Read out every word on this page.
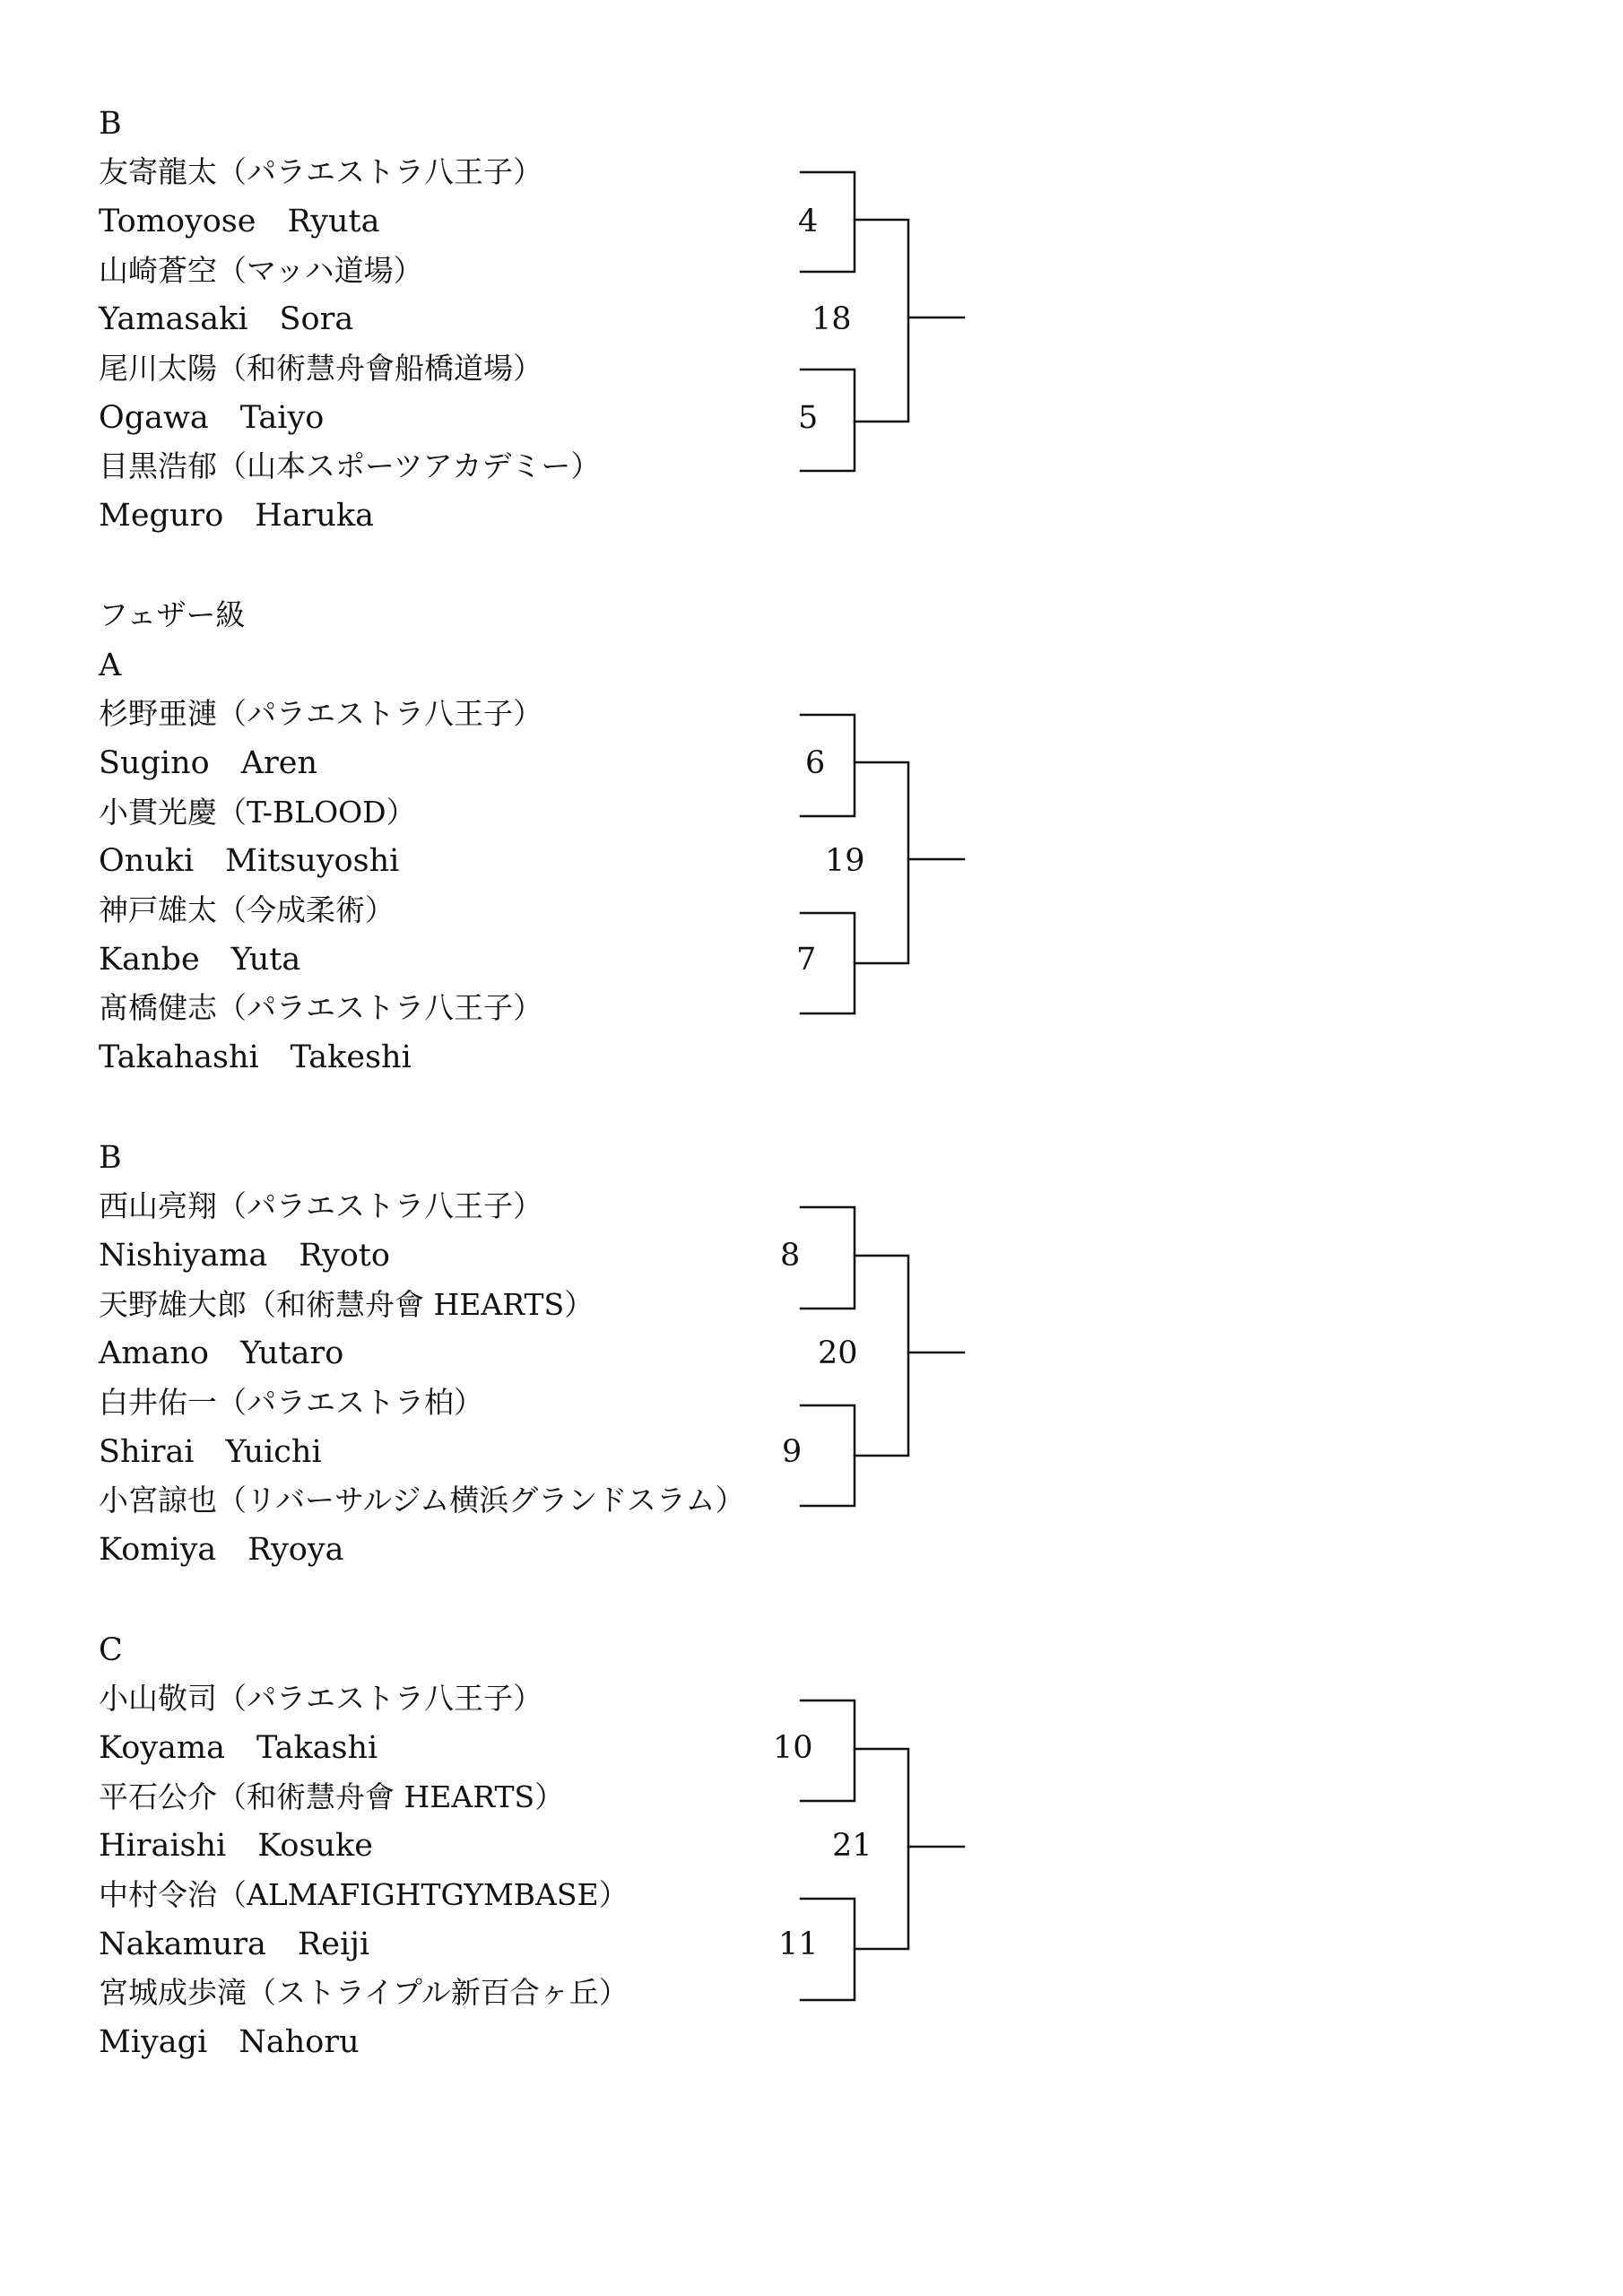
B
友寄龍太（パラエストラ八王子）
Tomoyose　Ryuta
山崎蒼空（マッハ道場）
Yamasaki　Sora
尾川太陽（和術慧舟會船橋道場）
Ogawa　Taiyo
目黒浩郁（山本スポーツアカデミー）
Meguro　Haruka
4
5
18
フェザー級
A
杉野亜漣（パラエストラ八王子）
Sugino　Aren
小貫光慶（T-BLOOD）
Onuki　Mitsuyoshi
神戸雄太（今成柔術）
Kanbe　Yuta
髙橋健志（パラエストラ八王子）
Takahashi　Takeshi
6
7
19
B
西山亮翔（パラエストラ八王子）
Nishiyama　Ryoto
天野雄大郎（和術慧舟會 HEARTS）
Amano　Yutaro
白井佑一（パラエストラ柏）
Shirai　Yuichi
小宮諒也（リバーサルジム横浜グランドスラム）
Komiya　Ryoya
8
9
20
C
小山敬司（パラエストラ八王子）
Koyama　Takashi
平石公介（和術慧舟會 HEARTS）
Hiraishi　Kosuke
中村令治（ALMAFIGHTGYMBASE）
Nakamura　Reiji
宮城成歩滝（ストライプル新百合ヶ丘）
Miyagi　Nahoru
10
11
21
